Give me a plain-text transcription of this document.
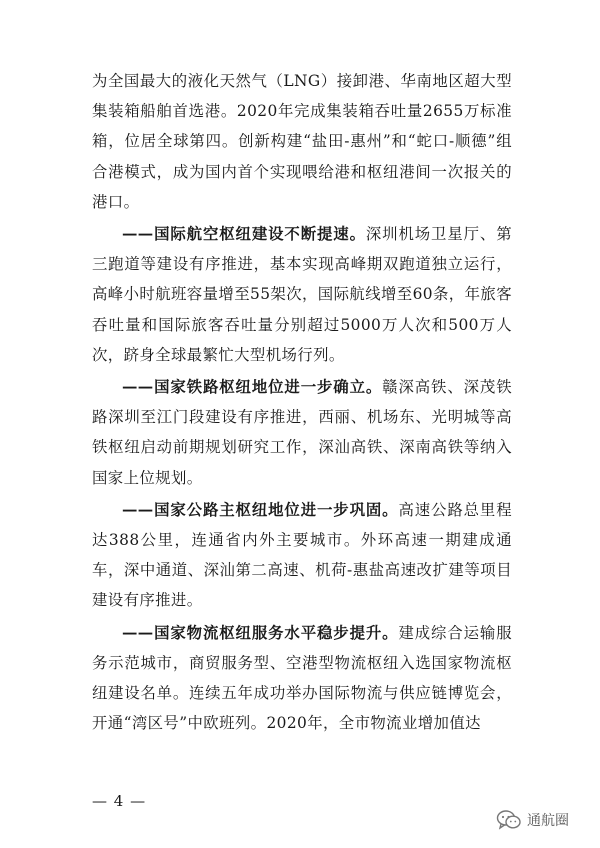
为全国最大的液化天然气（LNG）接卸港、华南地区超大型集装箱船舶首选港。2020年完成集装箱吞吐量2655万标准箱，位居全球第四。创新构建“盐田-惠州”和“蛇口-顺德”组合港模式，成为国内首个实现喂给港和枢纽港间一次报关的港口。

——国际航空枢纽建设不断提速。深圳机场卫星厅、第三跑道等建设有序推进，基本实现高峰期双跑道独立运行，高峰小时航班容量增至55架次，国际航线增至60条，年旅客吞吐量和国际旅客吞吐量分别超过5000万人次和500万人次，跻身全球最繁忙大型机场行列。

——国家铁路枢纽地位进一步确立。赣深高铁、深茂铁路深圳至江门段建设有序推进，西丽、机场东、光明城等高铁枢纽启动前期规划研究工作，深汕高铁、深南高铁等纳入国家上位规划。

——国家公路主枢纽地位进一步巩固。高速公路总里程达388公里，连通省内外主要城市。外环高速一期建成通车，深中通道、深汕第二高速、机荷-惠盐高速改扩建等项目建设有序推进。

——国家物流枢纽服务水平稳步提升。建成综合运输服务示范城市，商贸服务型、空港型物流枢纽入选国家物流枢纽建设名单。连续五年成功举办国际物流与供应链博览会，开通“湾区号”中欧班列。2020年，全市物流业增加值达

— 4 —
通航圈
